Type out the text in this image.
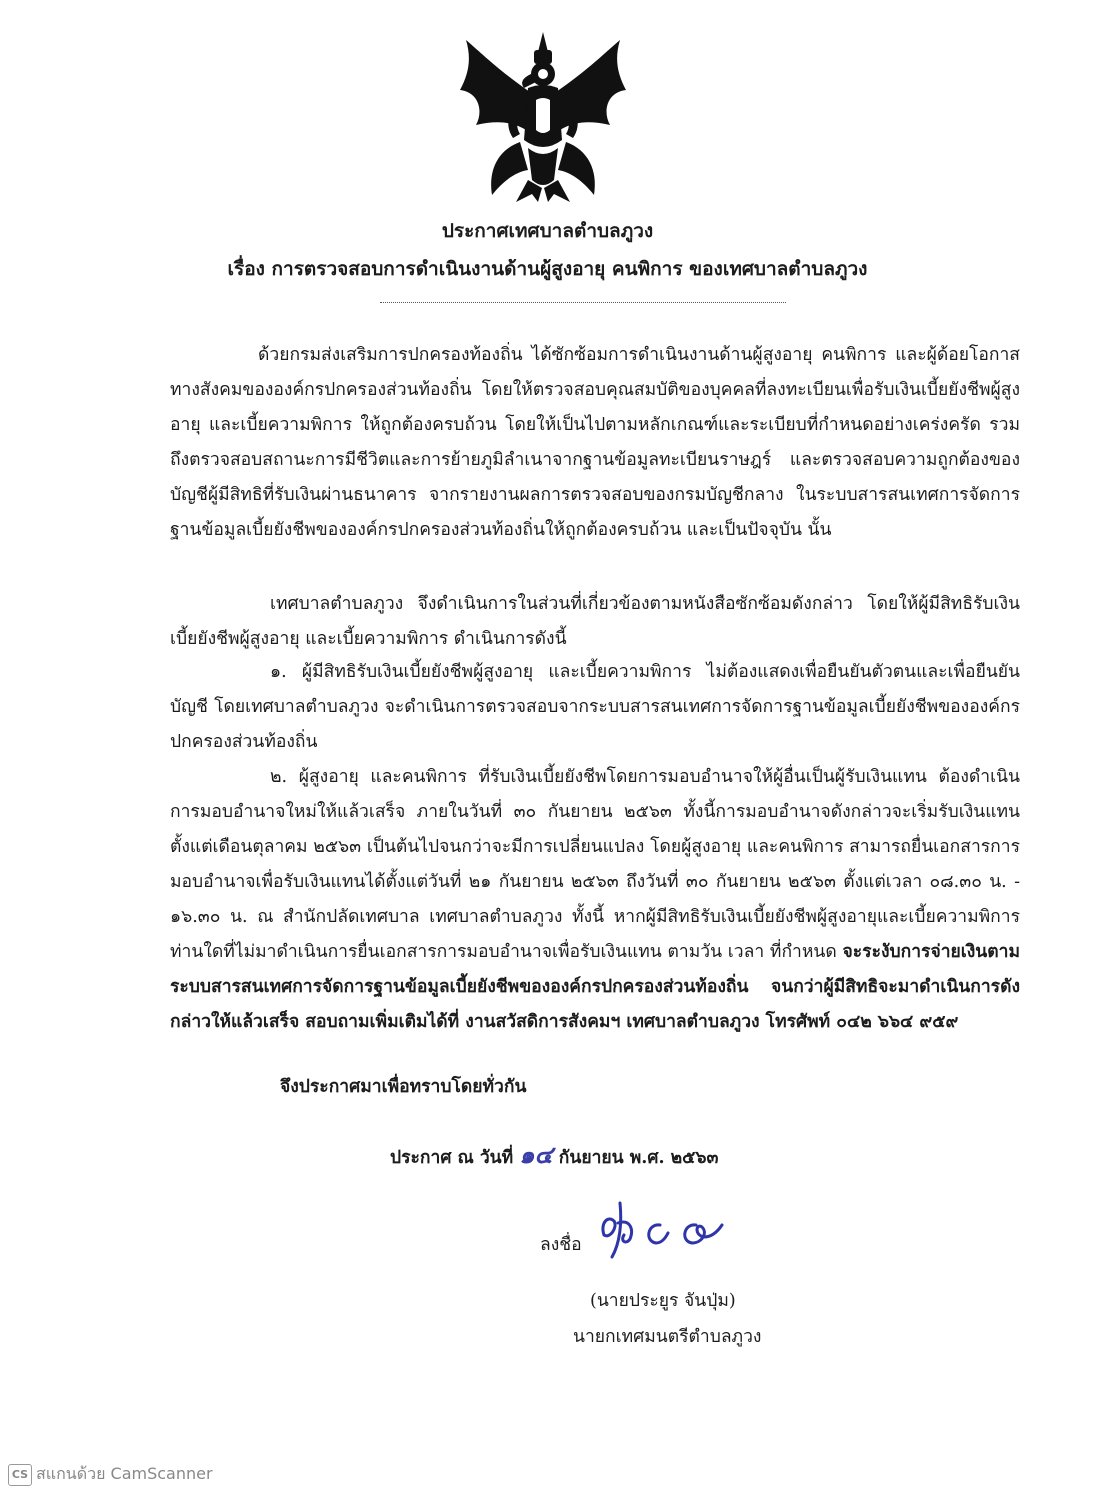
ประกาศเทศบาลตำบลภูวง
เรื่อง การตรวจสอบการดำเนินงานด้านผู้สูงอายุ คนพิการ ของเทศบาลตำบลภูวง
ด้วยกรมส่งเสริมการปกครองท้องถิ่น ได้ซักซ้อมการดำเนินงานด้านผู้สูงอายุ คนพิการ และผู้ด้อยโอกาสทางสังคมขององค์กรปกครองส่วนท้องถิ่น โดยให้ตรวจสอบคุณสมบัติของบุคคลที่ลงทะเบียนเพื่อรับเงินเบี้ยยังชีพผู้สูงอายุ และเบี้ยความพิการ ให้ถูกต้องครบถ้วน โดยให้เป็นไปตามหลักเกณฑ์และระเบียบที่กำหนดอย่างเคร่งครัด รวมถึงตรวจสอบสถานะการมีชีวิตและการย้ายภูมิลำเนาจากฐานข้อมูลทะเบียนราษฎร์ และตรวจสอบความถูกต้องของบัญชีผู้มีสิทธิที่รับเงินผ่านธนาคาร จากรายงานผลการตรวจสอบของกรมบัญชีกลาง ในระบบสารสนเทศการจัดการฐานข้อมูลเบี้ยยังชีพขององค์กรปกครองส่วนท้องถิ่นให้ถูกต้องครบถ้วน และเป็นปัจจุบัน นั้น
เทศบาลตำบลภูวง จึงดำเนินการในส่วนที่เกี่ยวข้องตามหนังสือซักซ้อมดังกล่าว โดยให้ผู้มีสิทธิรับเงินเบี้ยยังชีพผู้สูงอายุ และเบี้ยความพิการ ดำเนินการดังนี้
๑. ผู้มีสิทธิรับเงินเบี้ยยังชีพผู้สูงอายุ และเบี้ยความพิการ ไม่ต้องแสดงเพื่อยืนยันตัวตนและเพื่อยืนยันบัญชี โดยเทศบาลตำบลภูวง จะดำเนินการตรวจสอบจากระบบสารสนเทศการจัดการฐานข้อมูลเบี้ยยังชีพขององค์กรปกครองส่วนท้องถิ่น
๒. ผู้สูงอายุ และคนพิการ ที่รับเงินเบี้ยยังชีพโดยการมอบอำนาจให้ผู้อื่นเป็นผู้รับเงินแทน ต้องดำเนินการมอบอำนาจใหม่ให้แล้วเสร็จ ภายในวันที่ ๓๐ กันยายน ๒๕๖๓ ทั้งนี้การมอบอำนาจดังกล่าวจะเริ่มรับเงินแทนตั้งแต่เดือนตุลาคม ๒๕๖๓ เป็นต้นไปจนกว่าจะมีการเปลี่ยนแปลง โดยผู้สูงอายุ และคนพิการ สามารถยื่นเอกสารการมอบอำนาจเพื่อรับเงินแทนได้ตั้งแต่วันที่ ๒๑ กันยายน ๒๕๖๓ ถึงวันที่ ๓๐ กันยายน ๒๕๖๓ ตั้งแต่เวลา ๐๘.๓๐ น. - ๑๖.๓๐ น. ณ สำนักปลัดเทศบาล เทศบาลตำบลภูวง ทั้งนี้ หากผู้มีสิทธิรับเงินเบี้ยยังชีพผู้สูงอายุและเบี้ยความพิการ ท่านใดที่ไม่มาดำเนินการยื่นเอกสารการมอบอำนาจเพื่อรับเงินแทน ตามวัน เวลา ที่กำหนด จะระงับการจ่ายเงินตามระบบสารสนเทศการจัดการฐานข้อมูลเบี้ยยังชีพขององค์กรปกครองส่วนท้องถิ่น จนกว่าผู้มีสิทธิจะมาดำเนินการดังกล่าวให้แล้วเสร็จ สอบถามเพิ่มเติมได้ที่ งานสวัสดิการสังคมฯ เทศบาลตำบลภูวง โทรศัพท์ ๐๔๒ ๖๖๔ ๙๕๙
จึงประกาศมาเพื่อทราบโดยทั่วกัน
ประกาศ ณ วันที่ ๑๔ กันยายน พ.ศ. ๒๕๖๓
ลงชื่อ
(นายประยูร จันปุ่ม)
นายกเทศมนตรีตำบลภูวง
CS สแกนด้วย CamScanner
